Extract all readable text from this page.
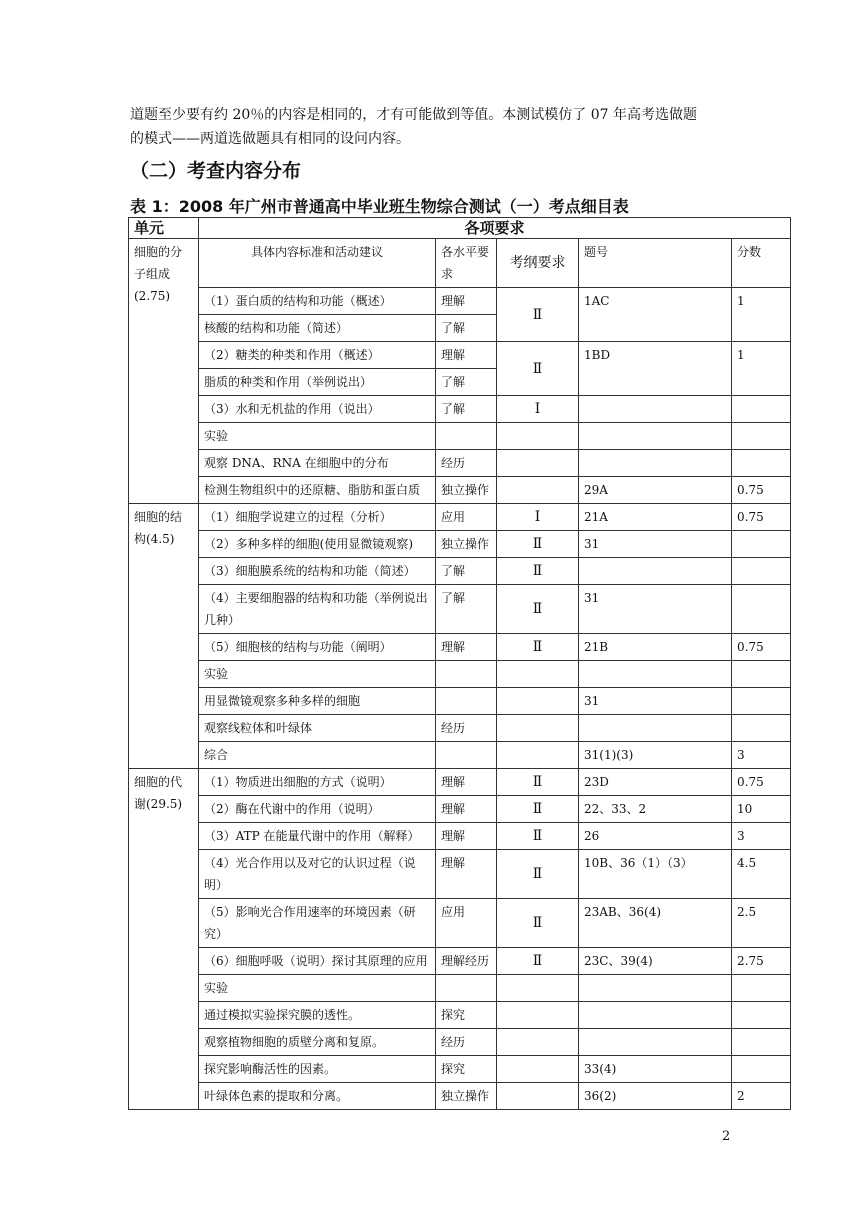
道题至少要有约 20％的内容是相同的，才有可能做到等值。本测试模仿了 07 年高考选做题
的模式——两道选做题具有相同的设问内容。
（二）考查内容分布
表 1：2008 年广州市普通高中毕业班生物综合测试（一）考点细目表
单元	各项要求				
细胞的分子组成
(2.75)	具体内容标准和活动建议	各水平要求	考纲要求	题号	分数
	（1）蛋白质的结构和功能（概述）	理解	Ⅱ	1AC	1
	核酸的结构和功能（简述）	了解			
	（2）糖类的种类和作用（概述）	理解	Ⅱ	1BD	1
	脂质的种类和作用（举例说出）	了解			
	（3）水和无机盐的作用（说出）	了解	Ⅰ		
	实验				
	观察 DNA、RNA 在细胞中的分布	经历			
	检测生物组织中的还原糖、脂肪和蛋白质	独立操作		29A	0.75
细胞的结构(4.5)	（1）细胞学说建立的过程（分析）	应用	Ⅰ	21A	0.75
	（2）多种多样的细胞(使用显微镜观察)	独立操作	Ⅱ	31	
	（3）细胞膜系统的结构和功能（简述）	了解	Ⅱ		
	（4）主要细胞器的结构和功能（举例说出几种）	了解	Ⅱ	31	
	（5）细胞核的结构与功能（阐明）	理解	Ⅱ	21B	0.75
	实验				
	用显微镜观察多种多样的细胞			31	
	观察线粒体和叶绿体	经历			
	综合			31(1)(3)	3
细胞的代谢(29.5)	（1）物质进出细胞的方式（说明）	理解	Ⅱ	23D	0.75
	（2）酶在代谢中的作用（说明）	理解	Ⅱ	22、33、2	10
	（3）ATP 在能量代谢中的作用（解释）	理解	Ⅱ	26	3
	（4）光合作用以及对它的认识过程（说明）	理解	Ⅱ	10B、36（1）（3）	4.5
	（5）影响光合作用速率的环境因素（研究）	应用	Ⅱ	23AB、36(4)	2.5
	（6）细胞呼吸（说明）探讨其原理的应用	理解经历	Ⅱ	23C、39(4)	2.75
	实验				
	通过模拟实验探究膜的透性。	探究			
	观察植物细胞的质壁分离和复原。	经历			
	探究影响酶活性的因素。	探究		33(4)	
	叶绿体色素的提取和分离。	独立操作		36(2)	2
2
